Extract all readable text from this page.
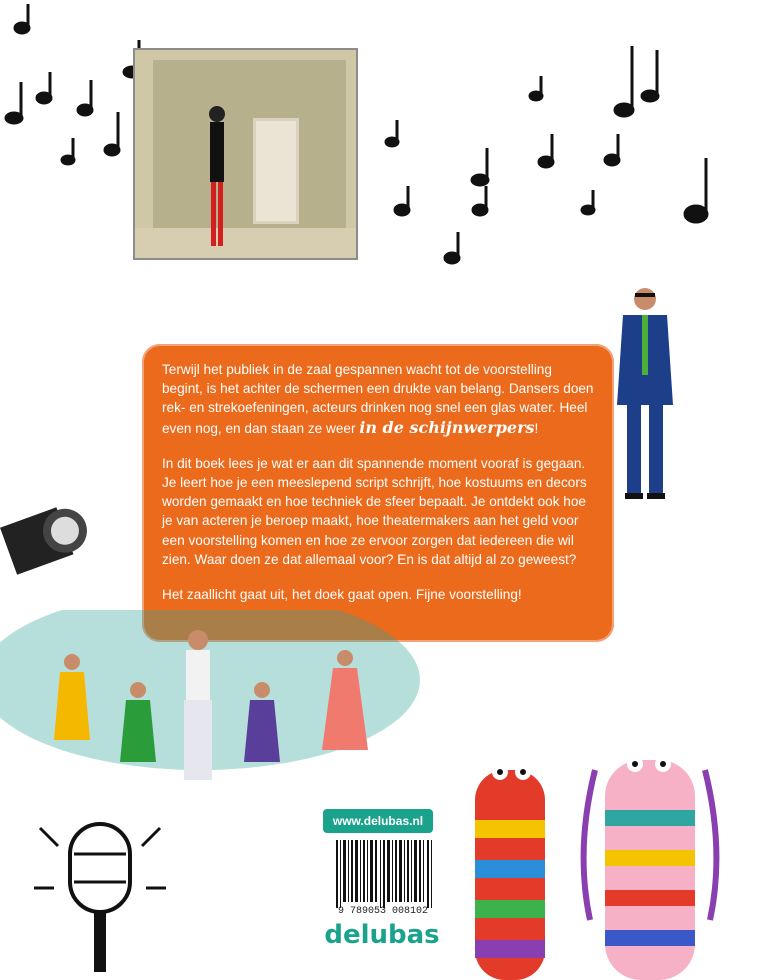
Terwijl het publiek in de zaal gespannen wacht tot de voorstelling begint, is het achter de schermen een drukte van belang. Dansers doen rek- en strekoefeningen, acteurs drinken nog snel een glas water. Heel even nog, en dan staan ze weer in de schijnwerpers!

In dit boek lees je wat er aan dit spannende moment vooraf is gegaan. Je leert hoe je een meeslepend script schrijft, hoe kostuums en decors worden gemaakt en hoe techniek de sfeer bepaalt. Je ontdekt ook hoe je van acteren je beroep maakt, hoe theatermakers aan het geld voor een voorstelling komen en hoe ze ervoor zorgen dat iedereen die wil zien. Waar doen ze dat allemaal voor? En is dat altijd al zo geweest?

Het zaallicht gaat uit, het doek gaat open. Fijne voorstelling!

www.delubas.nl
9 789053 008102
delubas
